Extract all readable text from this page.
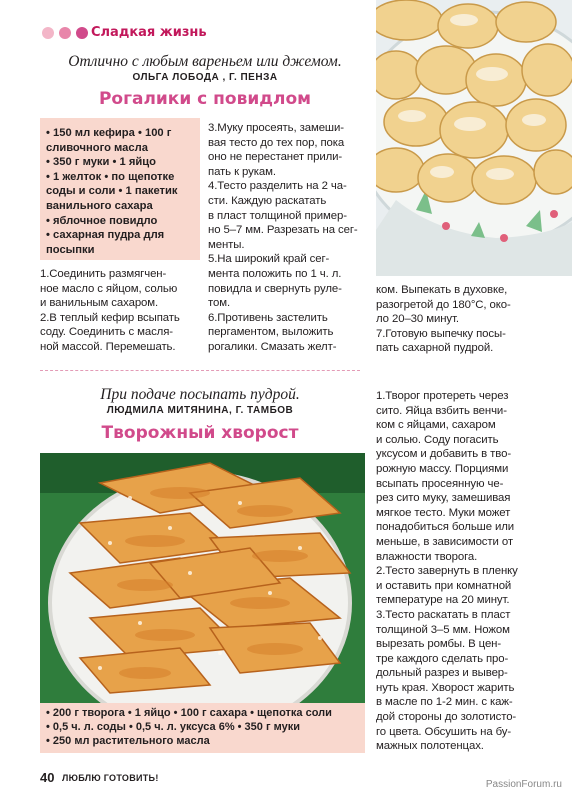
Сладкая жизнь
Отлично с любым вареньем или джемом.
ОЛЬГА ЛОБОДА , Г. ПЕНЗА
Рогалики с повидлом
• 150 мл кефира • 100 г
сливочного масла
• 350 г муки • 1 яйцо
• 1 желток • по щепотке
соды и соли • 1 пакетик
ванильного сахара
• яблочное повидло
• сахарная пудра для
посыпки

1.Соединить размягчен-

ное масло с яйцом, солью

и ванильным сахаром.

2.В теплый кефир всыпать

соду. Соединить с масля-

ной массой. Перемешать.

3.Муку просеять, замеши-

вая тесто до тех пор, пока

оно не перестанет прили-

пать к рукам.

4.Тесто разделить на 2 ча-

сти. Каждую раскатать

в пласт толщиной пример-

но 5–7 мм. Разрезать на сег-

менты.

5.На широкий край сег-

мента положить по 1 ч. л.

повидла и свернуть руле-

том.

6.Противень застелить

пергаментом, выложить

рогалики. Смазать желт-

ком. Выпекать в духовке,

разогретой до 180°С, око-

ло 20–30 минут.

7.Готовую выпечку посы-

пать сахарной пудрой.

При подаче посыпать пудрой.
ЛЮДМИЛА МИТЯНИНА, Г. ТАМБОВ
Творожный хворост
• 200 г творога • 1 яйцо • 100 г сахара • щепотка соли
• 0,5 ч. л. соды • 0,5 ч. л. уксуса 6% • 350 г муки
• 250 мл растительного масла

1.Творог протереть через

сито. Яйца взбить венчи-

ком с яйцами, сахаром

и солью. Соду погасить

уксусом и добавить в тво-

рожную массу. Порциями

всыпать просеянную че-

рез сито муку, замешивая

мягкое тесто. Муки может

понадобиться больше или

меньше, в зависимости от

влажности творога.

2.Тесто завернуть в пленку

и оставить при комнатной

температуре на 20 минут.

3.Тесто раскатать в пласт

толщиной 3–5 мм. Ножом

вырезать ромбы. В цен-

тре каждого сделать про-

дольный разрез и вывер-

нуть края. Хворост жарить

в масле по 1-2 мин. с каж-

дой стороны до золотисто-

го цвета. Обсушить на бу-

мажных полотенцах.

40 ЛЮБЛЮ ГОТОВИТЬ!
PassionForum.ru
